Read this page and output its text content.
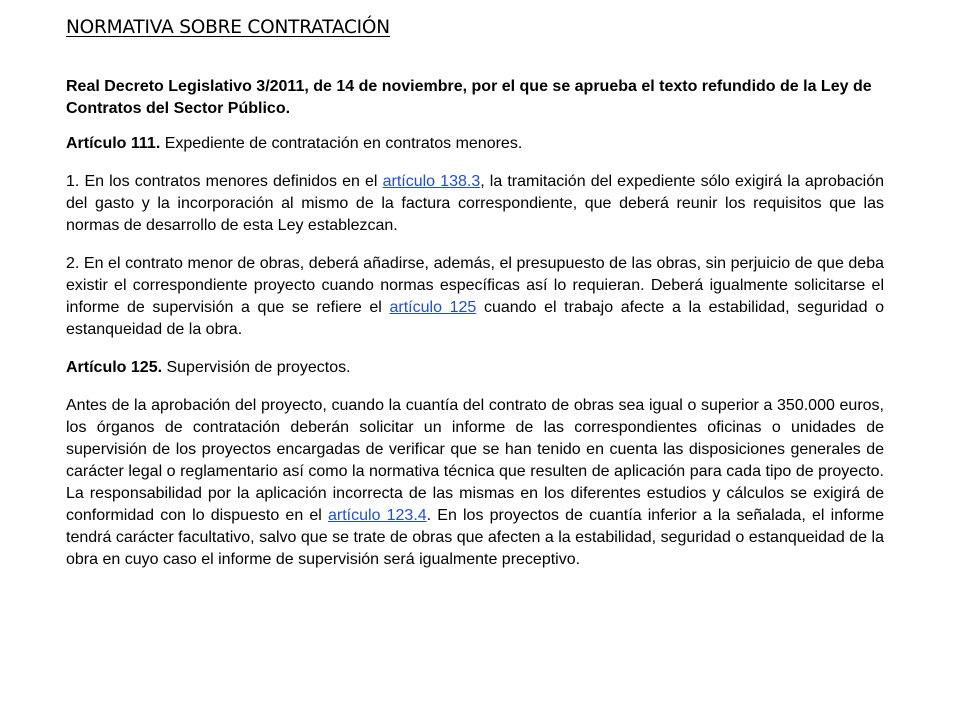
NORMATIVA SOBRE CONTRATACIÓN

Real Decreto Legislativo 3/2011, de 14 de noviembre, por el que se aprueba el texto refundido de la Ley de Contratos del Sector Público.

Artículo 111. Expediente de contratación en contratos menores.

1. En los contratos menores definidos en el artículo 138.3, la tramitación del expediente sólo exigirá la aprobación del gasto y la incorporación al mismo de la factura correspondiente, que deberá reunir los requisitos que las normas de desarrollo de esta Ley establezcan.

2. En el contrato menor de obras, deberá añadirse, además, el presupuesto de las obras, sin perjuicio de que deba existir el correspondiente proyecto cuando normas específicas así lo requieran. Deberá igualmente solicitarse el informe de supervisión a que se refiere el artículo 125 cuando el trabajo afecte a la estabilidad, seguridad o estanqueidad de la obra.

Artículo 125. Supervisión de proyectos.

Antes de la aprobación del proyecto, cuando la cuantía del contrato de obras sea igual o superior a 350.000 euros, los órganos de contratación deberán solicitar un informe de las correspondientes oficinas o unidades de supervisión de los proyectos encargadas de verificar que se han tenido en cuenta las disposiciones generales de carácter legal o reglamentario así como la normativa técnica que resulten de aplicación para cada tipo de proyecto. La responsabilidad por la aplicación incorrecta de las mismas en los diferentes estudios y cálculos se exigirá de conformidad con lo dispuesto en el artículo 123.4. En los proyectos de cuantía inferior a la señalada, el informe tendrá carácter facultativo, salvo que se trate de obras que afecten a la estabilidad, seguridad o estanqueidad de la obra en cuyo caso el informe de supervisión será igualmente preceptivo.
